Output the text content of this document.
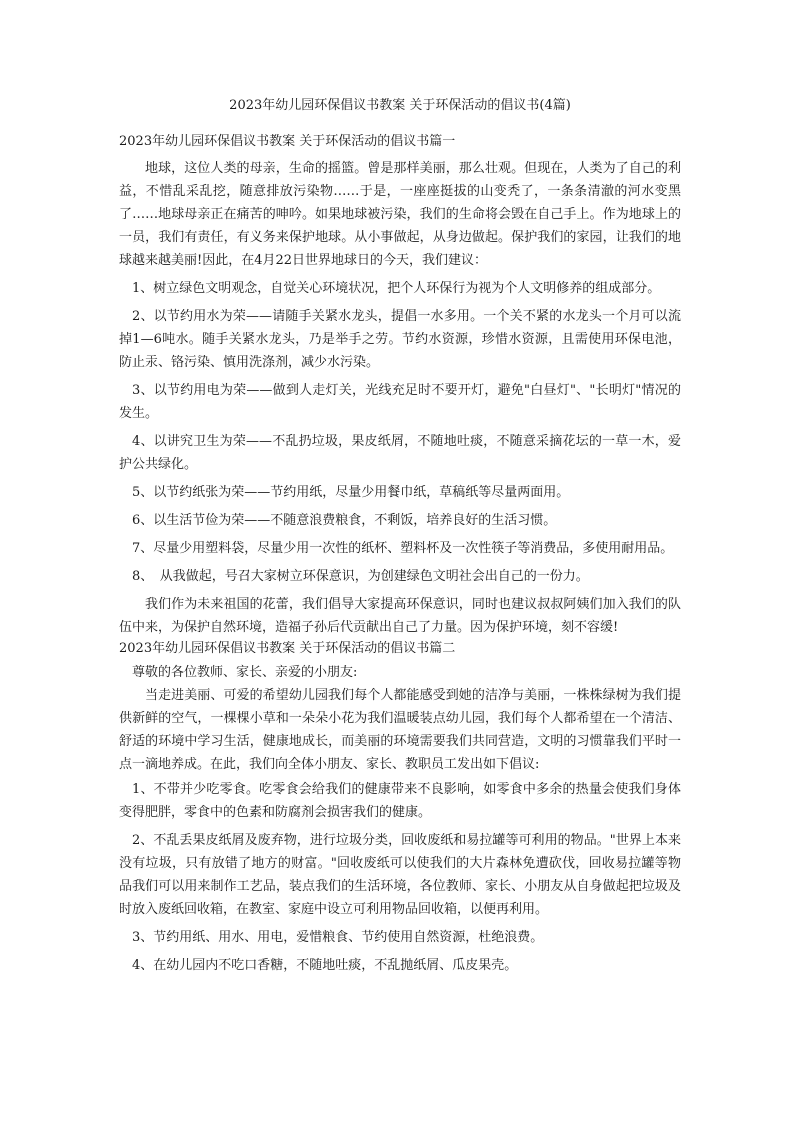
2023年幼儿园环保倡议书教案 关于环保活动的倡议书(4篇)
2023年幼儿园环保倡议书教案 关于环保活动的倡议书篇一

地球，这位人类的母亲，生命的摇篮。曾是那样美丽，那么壮观。但现在，人类为了自己的利益，不惜乱采乱挖，随意排放污染物……于是，一座座挺拔的山变秃了，一条条清澈的河水变黑了……地球母亲正在痛苦的呻吟。如果地球被污染，我们的生命将会毁在自己手上。作为地球上的一员，我们有责任，有义务来保护地球。从小事做起，从身边做起。保护我们的家园，让我们的地球越来越美丽!因此，在4月22日世界地球日的今天，我们建议：

1、树立绿色文明观念，自觉关心环境状况，把个人环保行为视为个人文明修养的组成部分。

2、以节约用水为荣——请随手关紧水龙头，提倡一水多用。一个关不紧的水龙头一个月可以流掉1—6吨水。随手关紧水龙头，乃是举手之劳。节约水资源，珍惜水资源，且需使用环保电池，防止汞、铬污染、慎用洗涤剂，减少水污染。

3、以节约用电为荣——做到人走灯关，光线充足时不要开灯，避免"白昼灯"、"长明灯"情况的发生。

4、以讲究卫生为荣——不乱扔垃圾，果皮纸屑，不随地吐痰，不随意采摘花坛的一草一木，爱护公共绿化。

5、以节约纸张为荣——节约用纸，尽量少用餐巾纸，草稿纸等尽量两面用。

6、以生活节俭为荣——不随意浪费粮食，不剩饭，培养良好的生活习惯。

7、尽量少用塑料袋，尽量少用一次性的纸杯、塑料杯及一次性筷子等消费品，多使用耐用品。

8、　从我做起，号召大家树立环保意识，为创建绿色文明社会出自己的一份力。

我们作为未来祖国的花蕾，我们倡导大家提高环保意识，同时也建议叔叔阿姨们加入我们的队伍中来，为保护自然环境，造福子孙后代贡献出自己了力量。因为保护环境，刻不容缓!

2023年幼儿园环保倡议书教案 关于环保活动的倡议书篇二

尊敬的各位教师、家长、亲爱的小朋友:

当走进美丽、可爱的希望幼儿园我们每个人都能感受到她的洁净与美丽，一株株绿树为我们提供新鲜的空气，一棵棵小草和一朵朵小花为我们温暖装点幼儿园，我们每个人都希望在一个清洁、舒适的环境中学习生活，健康地成长，而美丽的环境需要我们共同营造，文明的习惯靠我们平时一点一滴地养成。在此，我们向全体小朋友、家长、教职员工发出如下倡议:

1、不带并少吃零食。吃零食会给我们的健康带来不良影响，如零食中多余的热量会使我们身体变得肥胖，零食中的色素和防腐剂会损害我们的健康。

2、不乱丢果皮纸屑及废弃物，进行垃圾分类，回收废纸和易拉罐等可利用的物品。"世界上本来没有垃圾，只有放错了地方的财富。"回收废纸可以使我们的大片森林免遭砍伐，回收易拉罐等物品我们可以用来制作工艺品，装点我们的生活环境，各位教师、家长、小朋友从自身做起把垃圾及时放入废纸回收箱，在教室、家庭中设立可利用物品回收箱，以便再利用。

3、节约用纸、用水、用电，爱惜粮食、节约使用自然资源，杜绝浪费。

4、在幼儿园内不吃口香糖，不随地吐痰，不乱抛纸屑、瓜皮果壳。
